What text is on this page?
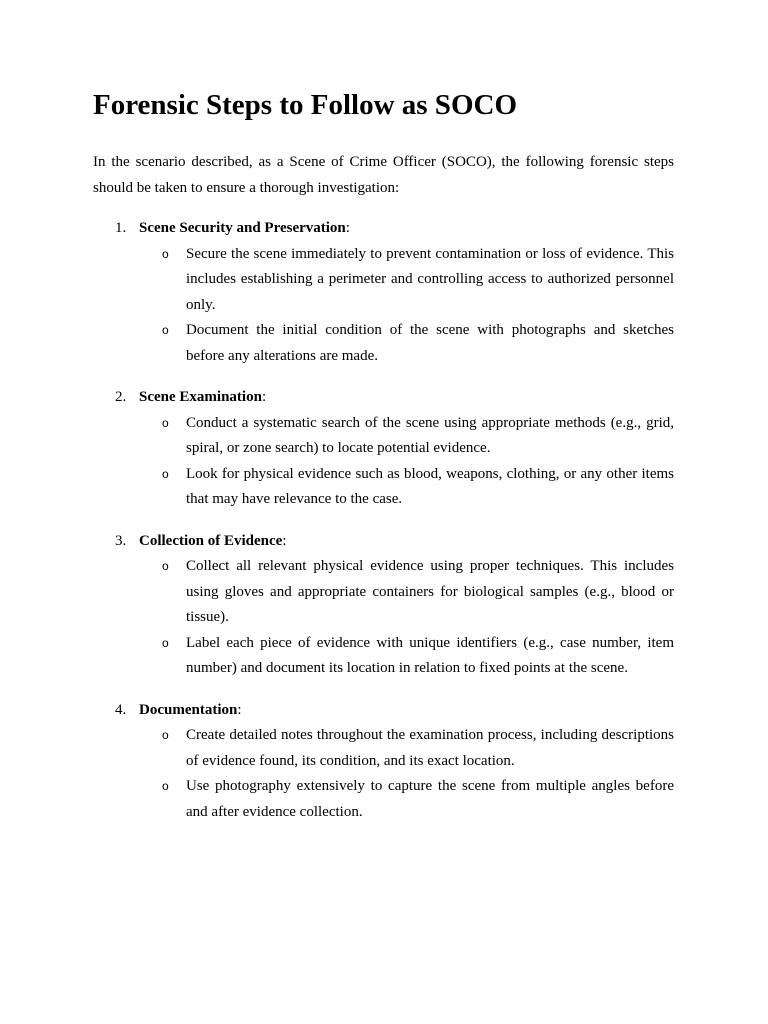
Forensic Steps to Follow as SOCO

In the scenario described, as a Scene of Crime Officer (SOCO), the following forensic steps should be taken to ensure a thorough investigation:

1. Scene Security and Preservation:
o Secure the scene immediately to prevent contamination or loss of evidence. This includes establishing a perimeter and controlling access to authorized personnel only.
o Document the initial condition of the scene with photographs and sketches before any alterations are made.
2. Scene Examination:
o Conduct a systematic search of the scene using appropriate methods (e.g., grid, spiral, or zone search) to locate potential evidence.
o Look for physical evidence such as blood, weapons, clothing, or any other items that may have relevance to the case.
3. Collection of Evidence:
o Collect all relevant physical evidence using proper techniques. This includes using gloves and appropriate containers for biological samples (e.g., blood or tissue).
o Label each piece of evidence with unique identifiers (e.g., case number, item number) and document its location in relation to fixed points at the scene.
4. Documentation:
o Create detailed notes throughout the examination process, including descriptions of evidence found, its condition, and its exact location.
o Use photography extensively to capture the scene from multiple angles before and after evidence collection.
